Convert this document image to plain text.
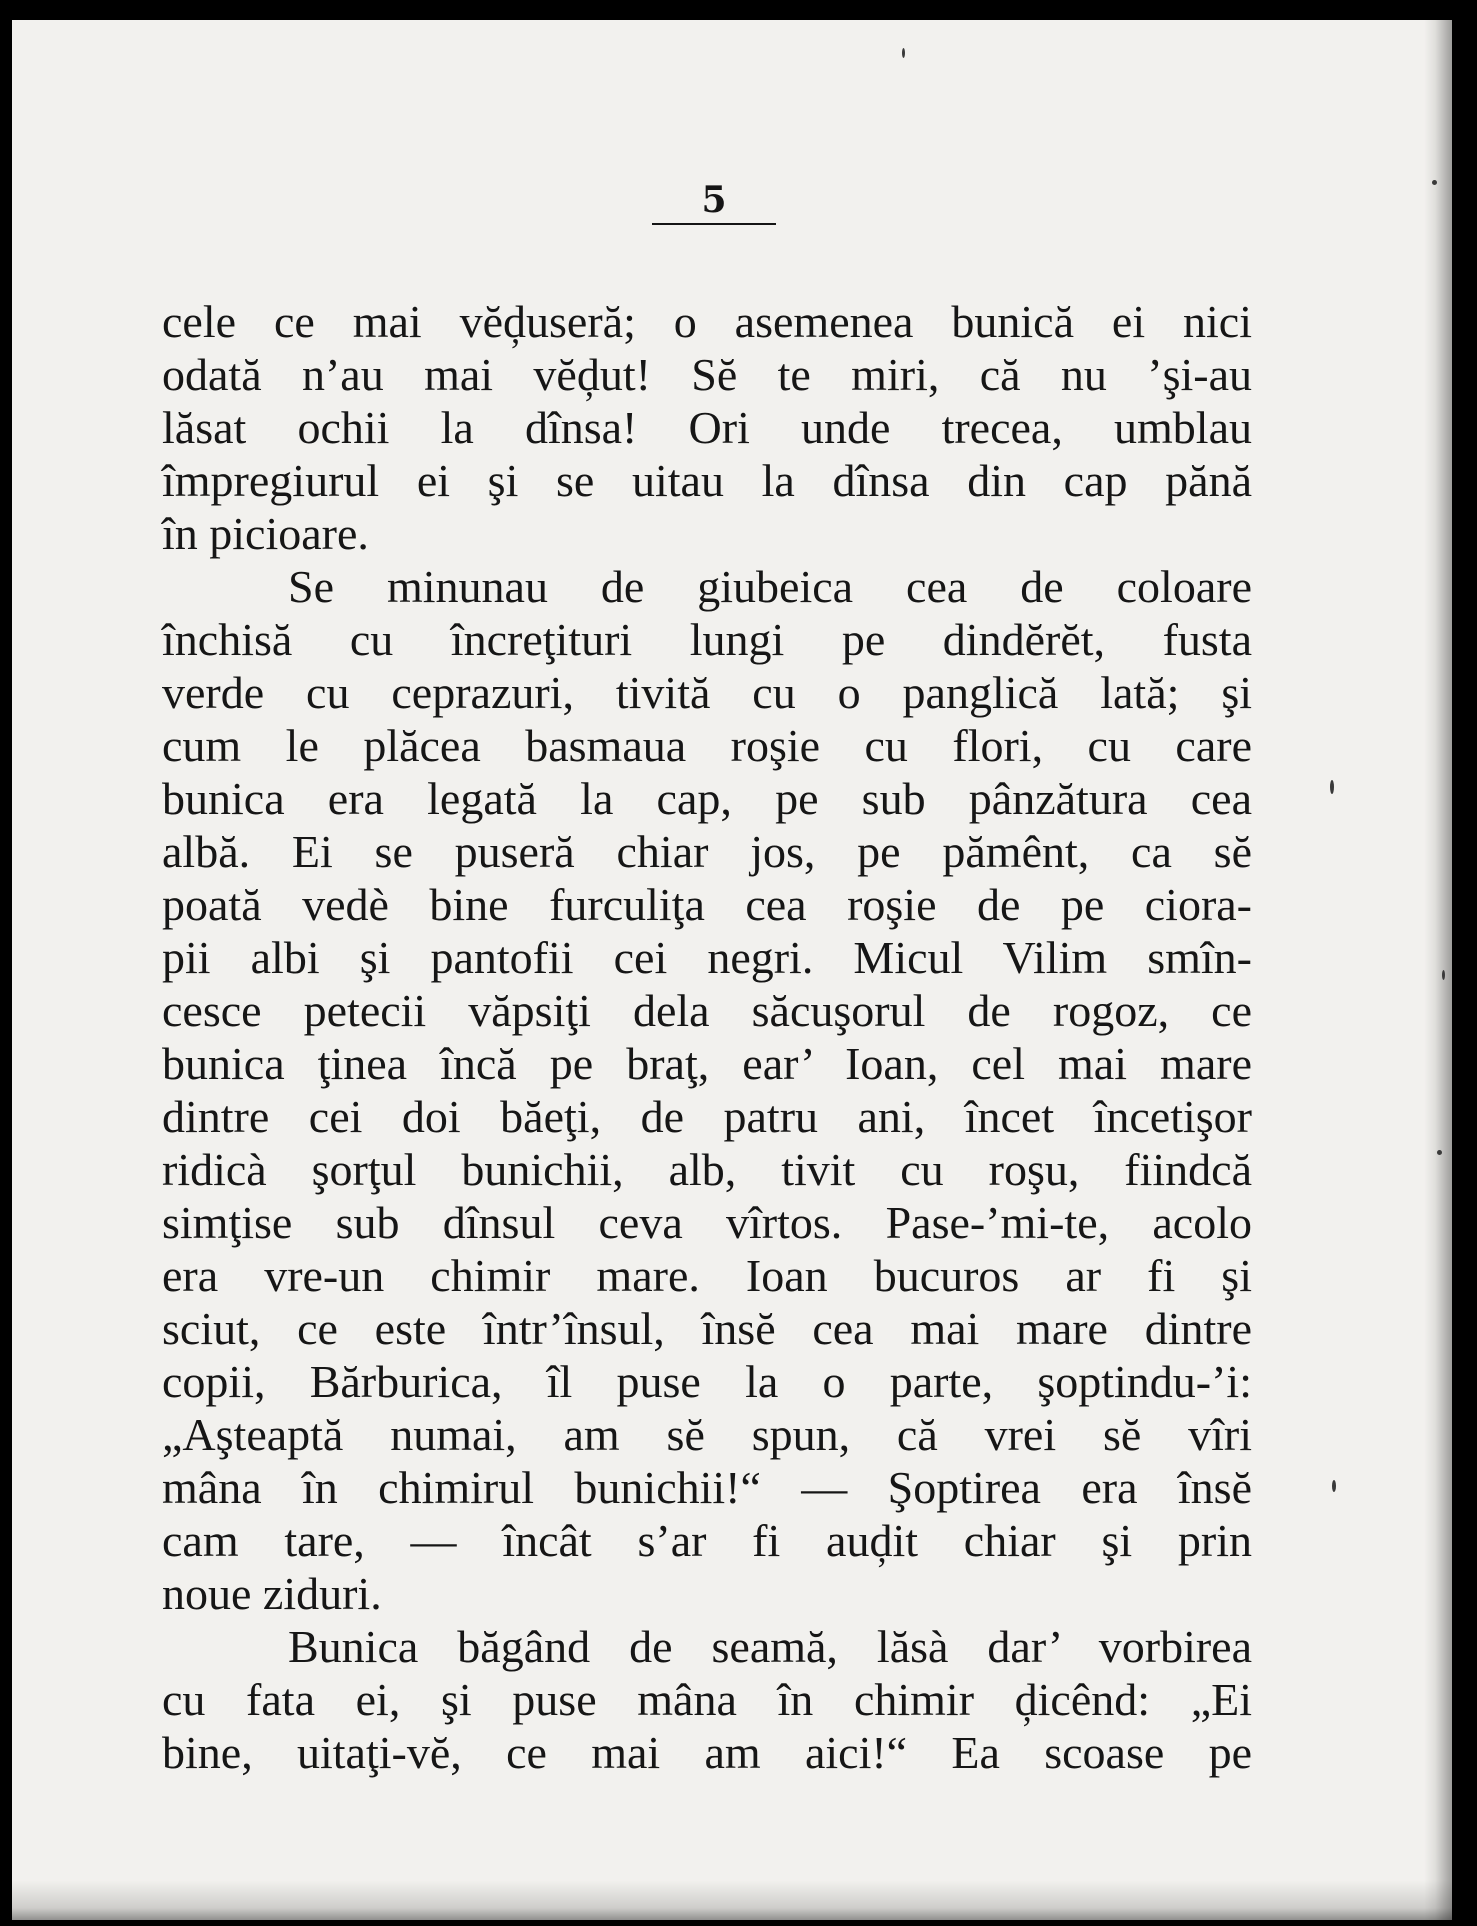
5
cele ce mai vĕḑuseră; o asemenea bunică ei nici
odată n’au mai vĕḑut! Sĕ te miri, că nu ’şi-au
lăsat ochii la dînsa! Ori unde trecea, umblau
împregiurul ei şi se uitau la dînsa din cap pănă
în picioare.
Se minunau de giubeica cea de coloare
închisă cu încreţituri lungi pe dindĕrĕt, fusta
verde cu ceprazuri, tivită cu o panglică lată; şi
cum le plăcea basmaua roşie cu flori, cu care
bunica era legată la cap, pe sub pânzătura cea
albă. Ei se puseră chiar jos, pe pămênt, ca sĕ
poată vedè bine furculiţa cea roşie de pe ciora-
pii albi şi pantofii cei negri. Micul Vilim smîn-
cesce petecii văpsiţi dela săcuşorul de rogoz, ce
bunica ţinea încă pe braţ, ear’ Ioan, cel mai mare
dintre cei doi băeţi, de patru ani, încet încetişor
ridicà şorţul bunichii, alb, tivit cu roşu, fiindcă
simţise sub dînsul ceva vîrtos. Pase-’mi-te, acolo
era vre-un chimir mare. Ioan bucuros ar fi şi
sciut, ce este într’însul, însĕ cea mai mare dintre
copii, Bărburica, îl puse la o parte, şoptindu-’i:
„Aşteaptă numai, am sĕ spun, că vrei sĕ vîri
mâna în chimirul bunichii!“ — Şoptirea era însĕ
cam tare, — încât s’ar fi auḑit chiar şi prin
noue ziduri.
Bunica băgând de seamă, lăsà dar’ vorbirea
cu fata ei, şi puse mâna în chimir ḑicênd: „Ei
bine, uitaţi-vĕ, ce mai am aici!“ Ea scoase pe
